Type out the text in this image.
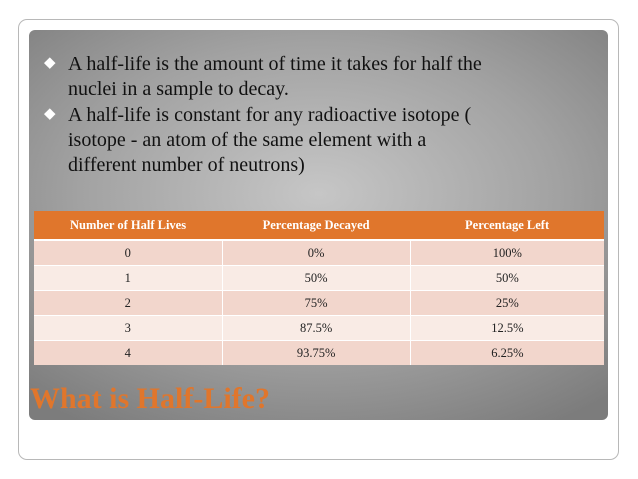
◆ A half-life is the amount of time it takes for half the
nuclei in a sample to decay.
◆ A half-life is constant for any radioactive isotope (
isotope - an atom of the same element with a
different number of neutrons)
Number of Half Lives	Percentage Decayed	Percentage Left
0	0%	100%
1	50%	50%
2	75%	25%
3	87.5%	12.5%
4	93.75%	6.25%
What is Half-Life?
